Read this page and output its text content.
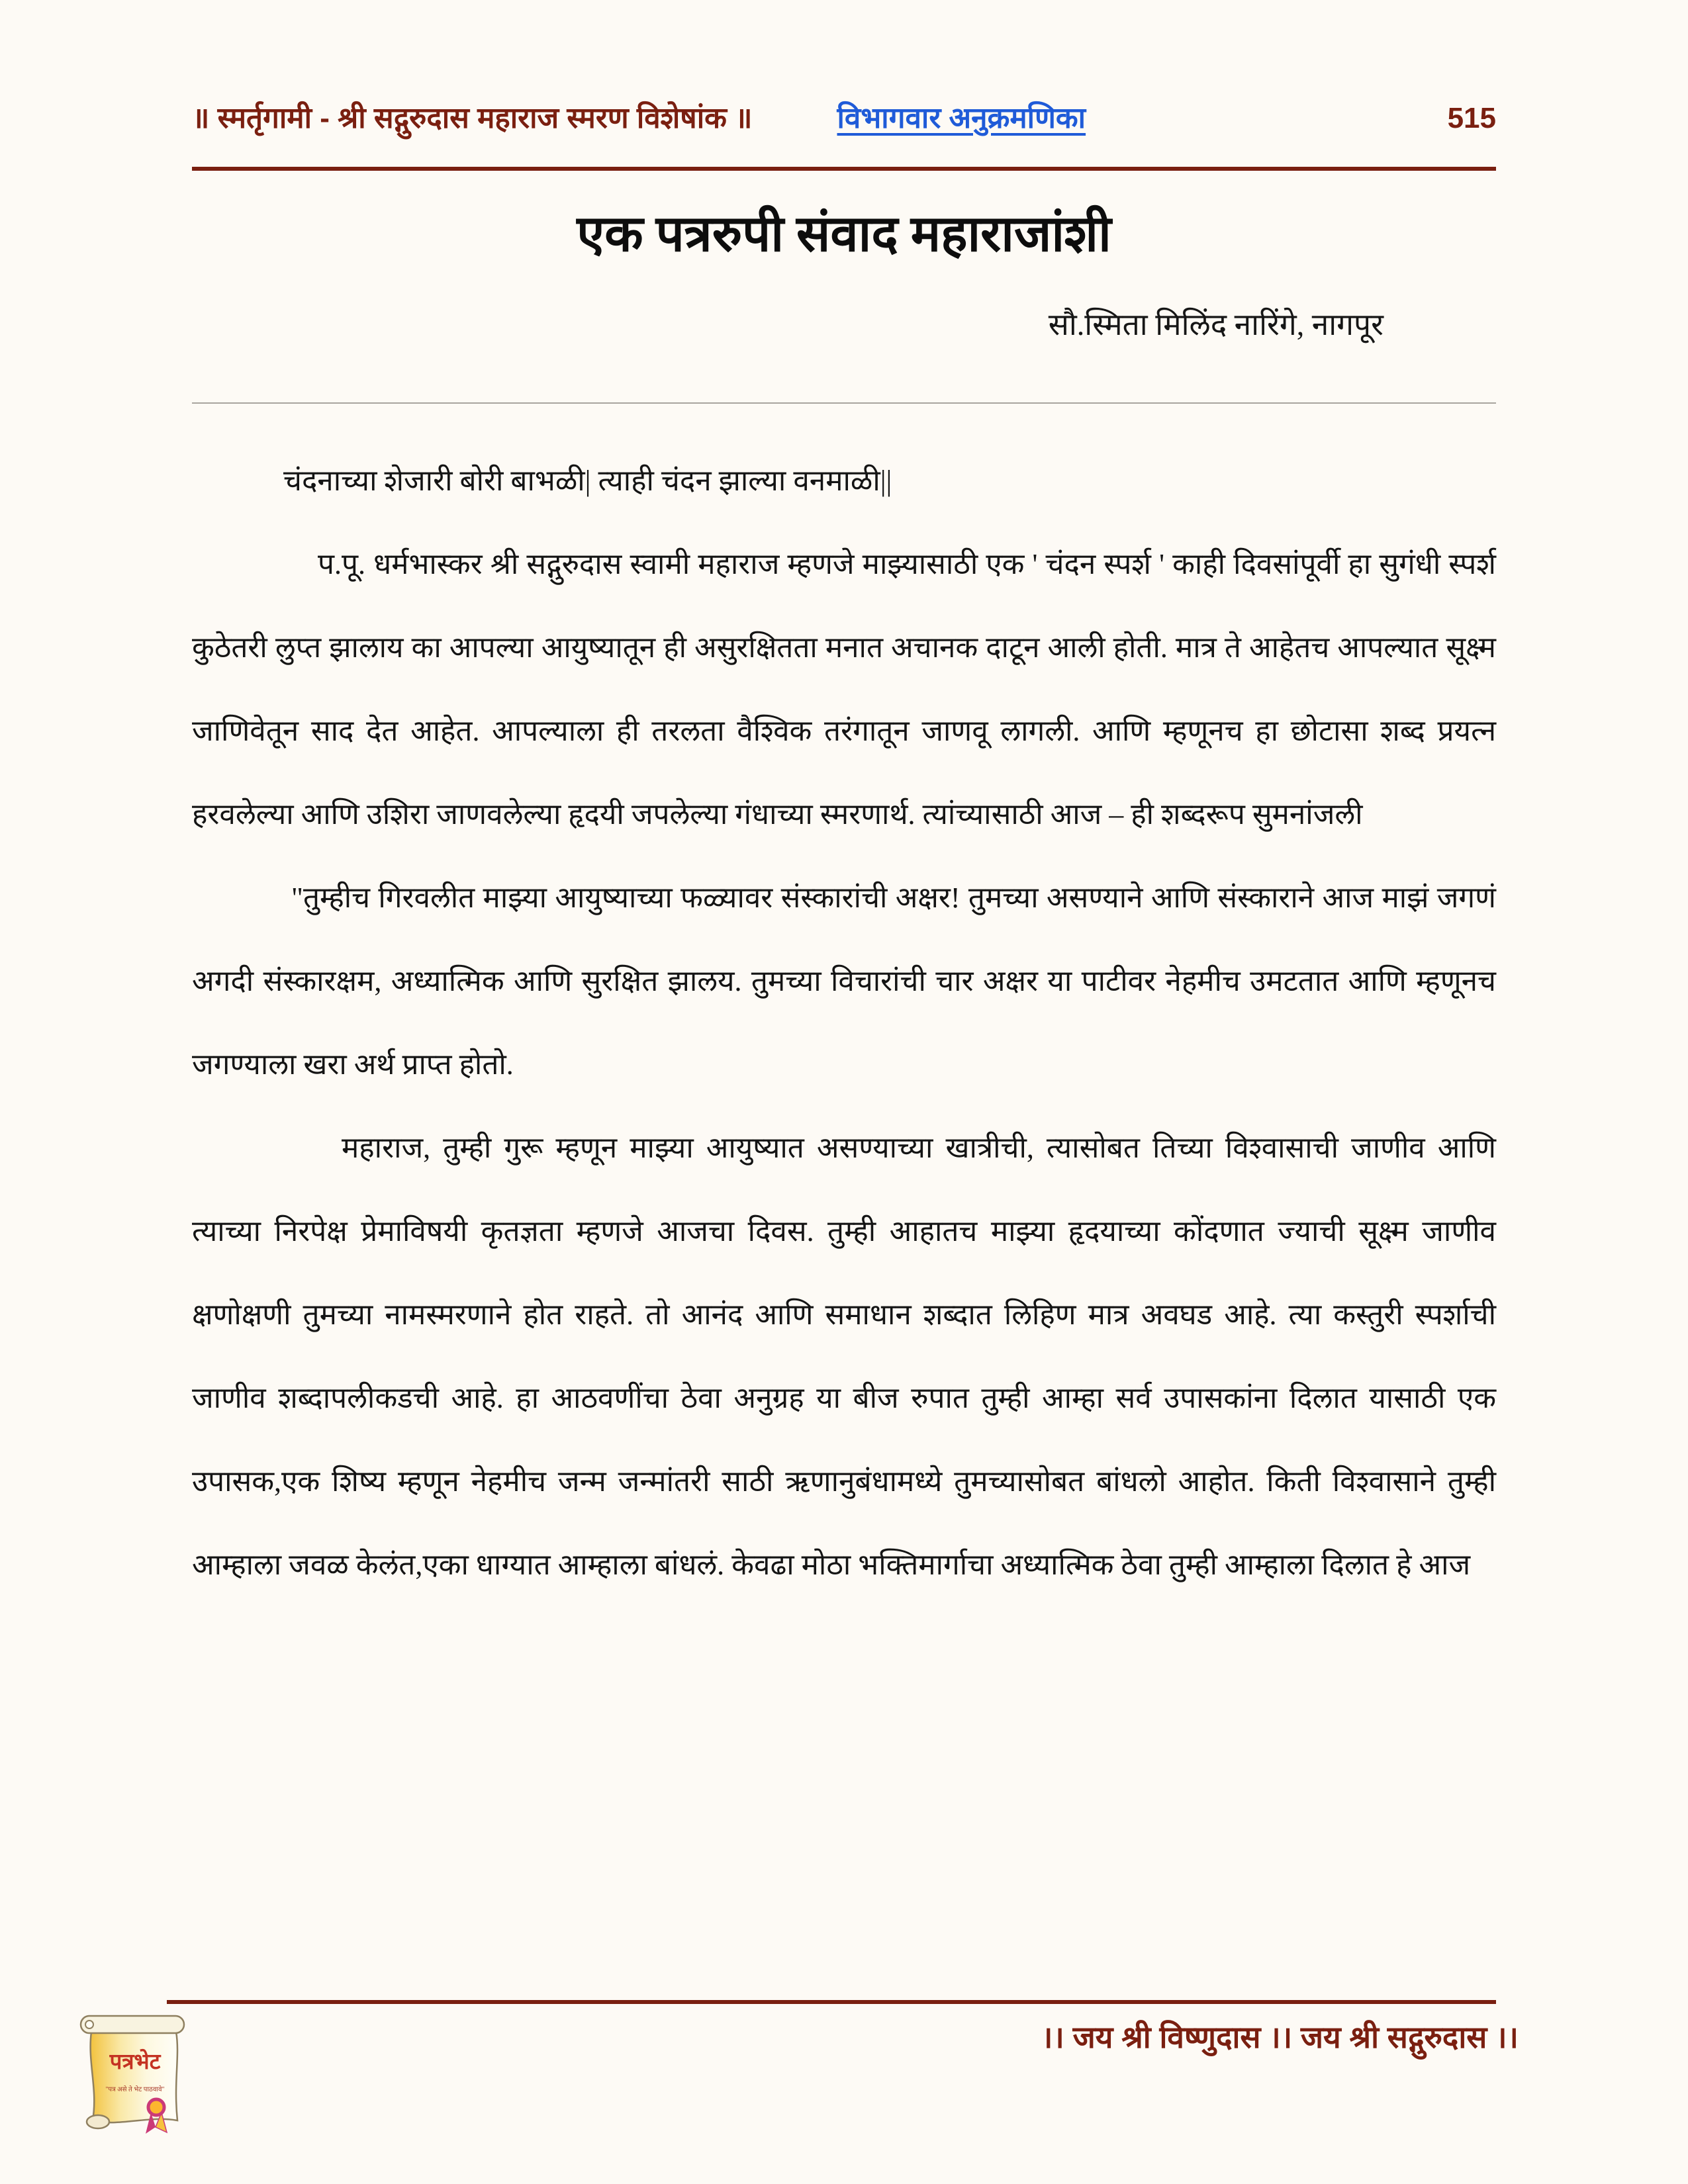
॥ स्मर्तृगामी - श्री सद्गुरुदास महाराज स्मरण विशेषांक ॥	विभागवार अनुक्रमणिका	515
एक पत्ररुपी संवाद महाराजांशी
सौ.स्मिता मिलिंद नारिंगे, नागपूर

चंदनाच्या शेजारी बोरी बाभळी| त्याही चंदन झाल्या वनमाळी||

प.पू. धर्मभास्कर श्री सद्गुरुदास स्वामी महाराज म्हणजे माझ्यासाठी एक ' चंदन स्पर्श ' काही दिवसांपूर्वी हा सुगंधी स्पर्श कुठेतरी लुप्त झालाय का आपल्या आयुष्यातून ही असुरक्षितता मनात अचानक दाटून आली होती. मात्र ते आहेतच आपल्यात सूक्ष्म जाणिवेतून साद देत आहेत. आपल्याला ही तरलता वैश्विक तरंगातून जाणवू लागली. आणि म्हणूनच हा छोटासा शब्द प्रयत्न हरवलेल्या आणि उशिरा जाणवलेल्या हृदयी जपलेल्या गंधाच्या स्मरणार्थ. त्यांच्यासाठी आज – ही शब्दरूप सुमनांजली

"तुम्हीच गिरवलीत माझ्या आयुष्याच्या फळ्यावर संस्कारांची अक्षर! तुमच्या असण्याने आणि संस्काराने आज माझं जगणं अगदी संस्कारक्षम, अध्यात्मिक आणि सुरक्षित झालय. तुमच्या विचारांची चार अक्षर या पाटीवर नेहमीच उमटतात आणि म्हणूनच जगण्याला खरा अर्थ प्राप्त होतो.

महाराज, तुम्ही गुरू म्हणून माझ्या आयुष्यात असण्याच्या खात्रीची, त्यासोबत तिच्या विश्वासाची जाणीव आणि त्याच्या निरपेक्ष प्रेमाविषयी कृतज्ञता म्हणजे आजचा दिवस. तुम्ही आहातच माझ्या हृदयाच्या कोंदणात ज्याची सूक्ष्म जाणीव क्षणोक्षणी तुमच्या नामस्मरणाने होत राहते. तो आनंद आणि समाधान शब्दात लिहिण मात्र अवघड आहे. त्या कस्तुरी स्पर्शाची जाणीव शब्दापलीकडची आहे. हा आठवणींचा ठेवा अनुग्रह या बीज रुपात तुम्ही आम्हा सर्व उपासकांना दिलात यासाठी एक उपासक,एक शिष्य म्हणून नेहमीच जन्म जन्मांतरी साठी ऋणानुबंधामध्ये तुमच्यासोबत बांधलो आहोत. किती विश्वासाने तुम्ही आम्हाला जवळ केलंत,एका धाग्यात आम्हाला बांधलं. केवढा मोठा भक्तिमार्गाचा अध्यात्मिक ठेवा तुम्ही आम्हाला दिलात हे आज

।। जय श्री विष्णुदास ।। जय श्री सद्गुरुदास ।।
पत्रभेट
"पत्र असे ते भेट पाठवावे"
